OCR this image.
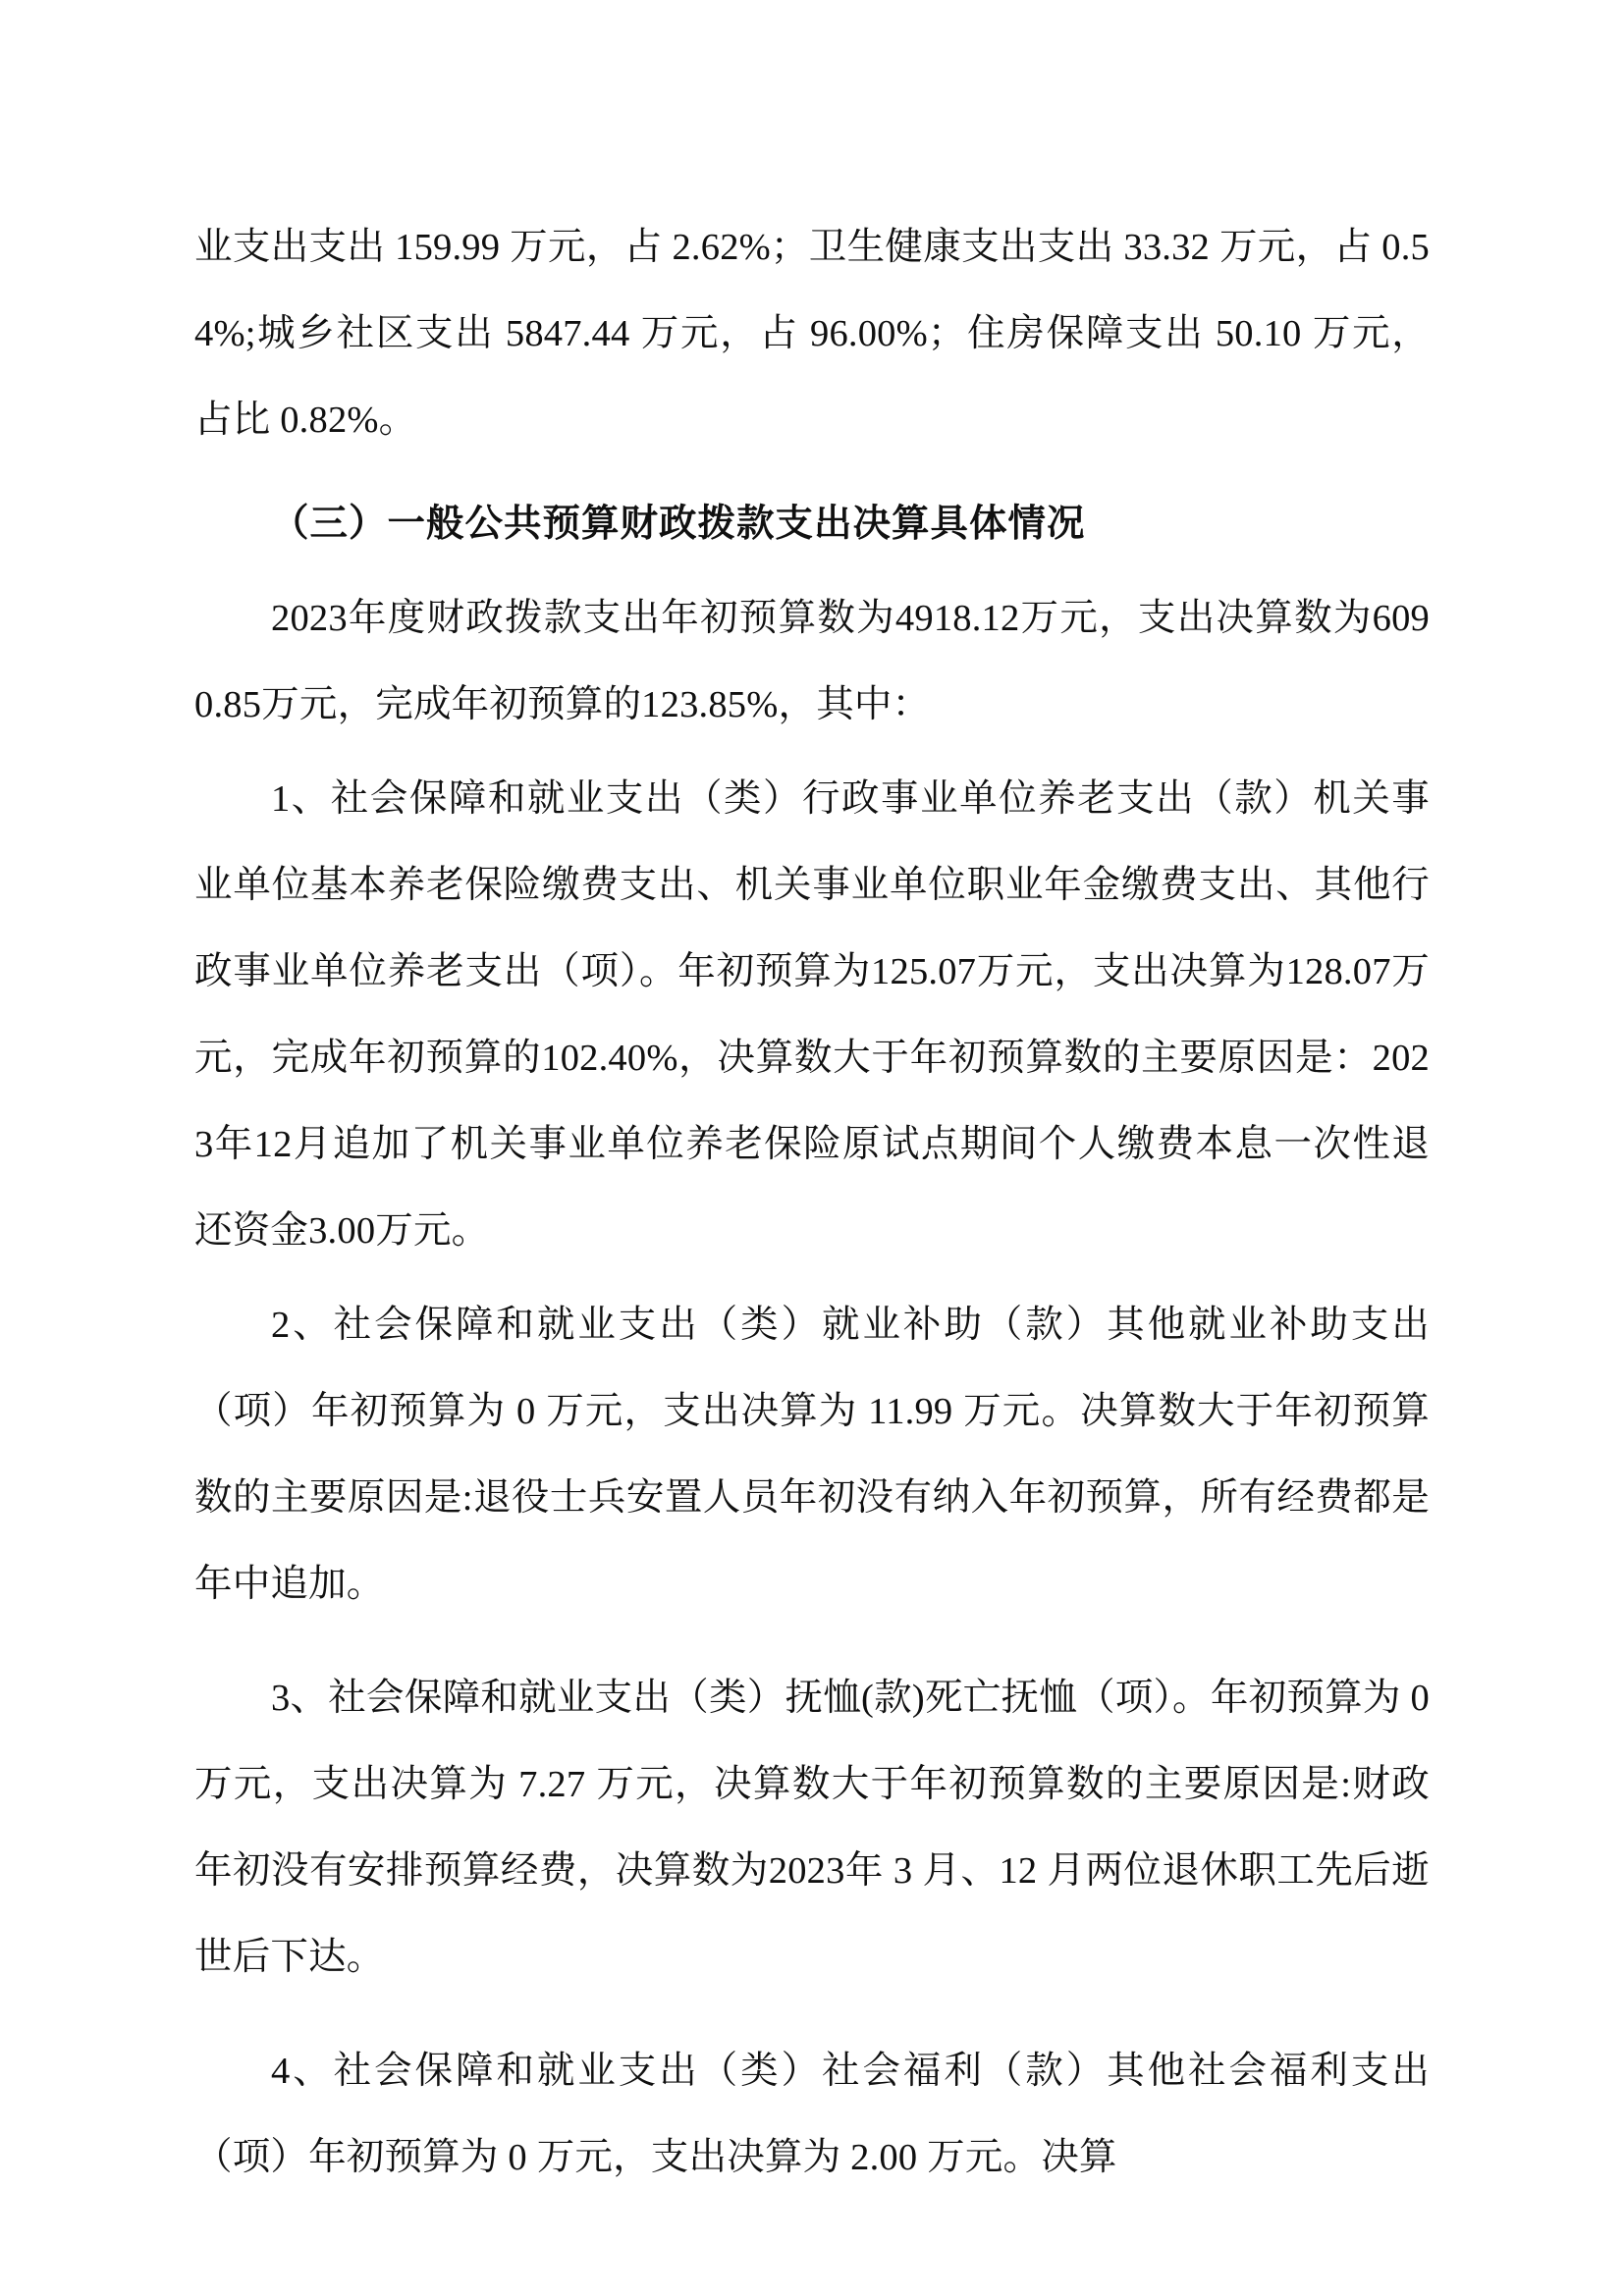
业支出支出 159.99 万元，占 2.62%；卫生健康支出支出 33.32 万元，占 0.54%;城乡社区支出 5847.44 万元，占 96.00%；住房保障支出 50.10 万元，占比 0.82%。

（三）一般公共预算财政拨款支出决算具体情况

2023年度财政拨款支出年初预算数为4918.12万元，支出决算数为6090.85万元，完成年初预算的123.85%，其中：

1、社会保障和就业支出（类）行政事业单位养老支出（款）机关事业单位基本养老保险缴费支出、机关事业单位职业年金缴费支出、其他行政事业单位养老支出（项）。年初预算为125.07万元，支出决算为128.07万元，完成年初预算的102.40%，决算数大于年初预算数的主要原因是：2023年12月追加了机关事业单位养老保险原试点期间个人缴费本息一次性退还资金3.00万元。

2、社会保障和就业支出（类）就业补助（款）其他就业补助支出（项）年初预算为 0 万元，支出决算为 11.99 万元。决算数大于年初预算数的主要原因是:退役士兵安置人员年初没有纳入年初预算，所有经费都是年中追加。

3、社会保障和就业支出（类）抚恤(款)死亡抚恤（项）。年初预算为 0 万元，支出决算为 7.27 万元，决算数大于年初预算数的主要原因是:财政年初没有安排预算经费，决算数为2023年 3 月、12 月两位退休职工先后逝世后下达。

4、社会保障和就业支出（类）社会福利（款）其他社会福利支出（项）年初预算为 0 万元，支出决算为 2.00 万元。决算
